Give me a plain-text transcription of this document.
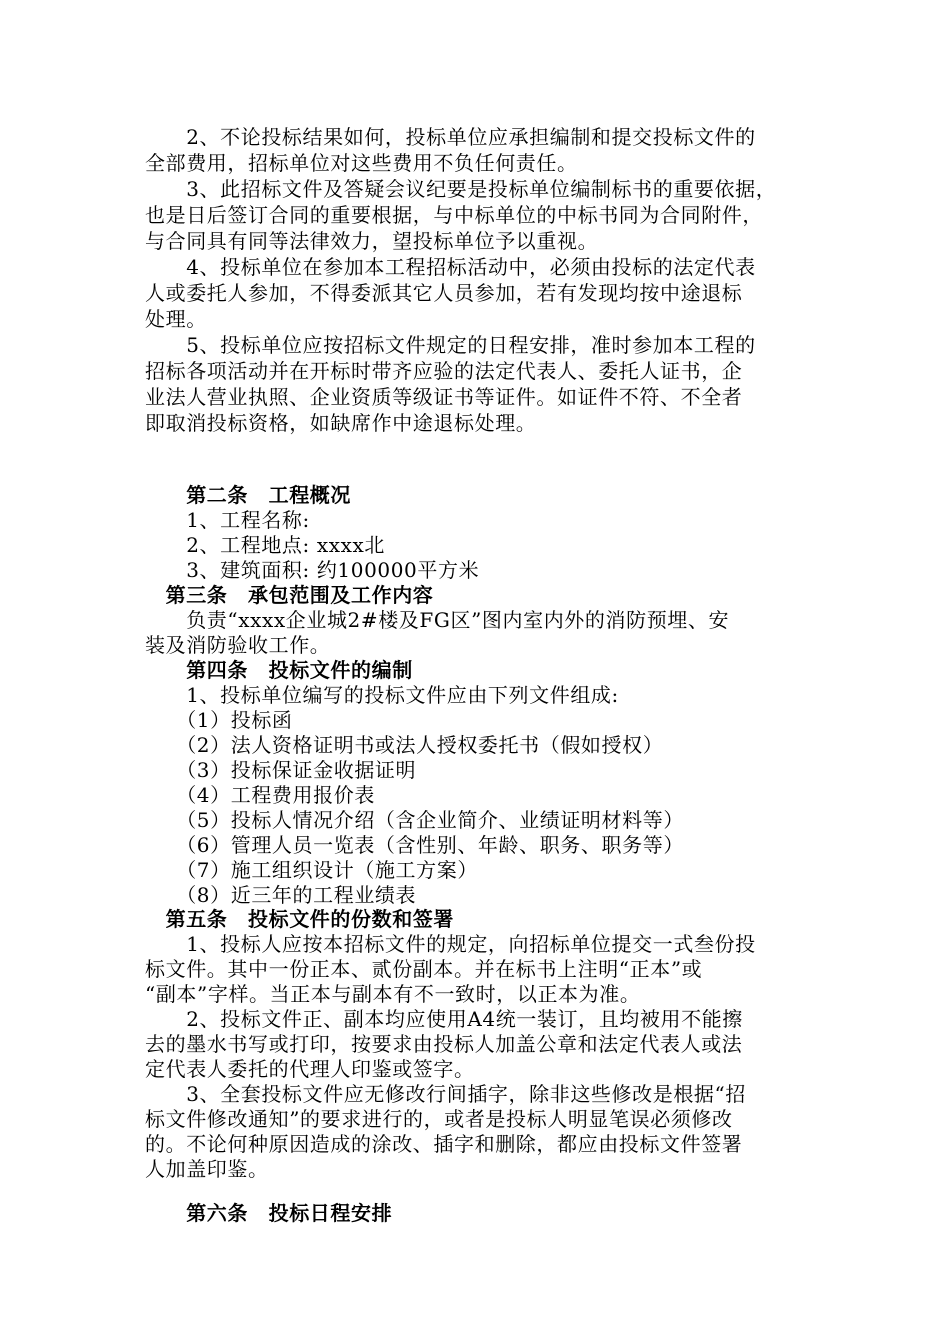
　　2、不论投标结果如何，投标单位应承担编制和提交投标文件的
全部费用，招标单位对这些费用不负任何责任。
　　3、此招标文件及答疑会议纪要是投标单位编制标书的重要依据，
也是日后签订合同的重要根据，与中标单位的中标书同为合同附件，
与合同具有同等法律效力，望投标单位予以重视。
　　4、投标单位在参加本工程招标活动中，必须由投标的法定代表
人或委托人参加，不得委派其它人员参加，若有发现均按中途退标
处理。
　　5、投标单位应按招标文件规定的日程安排，准时参加本工程的
招标各项活动并在开标时带齐应验的法定代表人、委托人证书，企
业法人营业执照、企业资质等级证书等证件。如证件不符、不全者
即取消投标资格，如缺席作中途退标处理。
　　第二条　工程概况
　　1、工程名称:
　　2、工程地点: xxxx北
　　3、建筑面积: 约100000平方米
　第三条　承包范围及工作内容
　　负责“xxxx企业城2#楼及FG区”图内室内外的消防预埋、安
装及消防验收工作。
　　第四条　投标文件的编制
　　1、投标单位编写的投标文件应由下列文件组成:
　　（1）投标函
　　（2）法人资格证明书或法人授权委托书（假如授权）
　　（3）投标保证金收据证明
　　（4）工程费用报价表
　　（5）投标人情况介绍（含企业简介、业绩证明材料等）
　　（6）管理人员一览表（含性别、年龄、职务、职务等）
　　（7）施工组织设计（施工方案）
　　（8）近三年的工程业绩表
　第五条　投标文件的份数和签署
　　1、投标人应按本招标文件的规定，向招标单位提交一式叁份投
标文件。其中一份正本、贰份副本。并在标书上注明“正本”或
“副本”字样。当正本与副本有不一致时，以正本为准。
　　2、投标文件正、副本均应使用A4统一装订，且均被用不能擦
去的墨水书写或打印，按要求由投标人加盖公章和法定代表人或法
定代表人委托的代理人印鉴或签字。
　　3、全套投标文件应无修改行间插字，除非这些修改是根据“招
标文件修改通知”的要求进行的，或者是投标人明显笔误必须修改
的。不论何种原因造成的涂改、插字和删除，都应由投标文件签署
人加盖印鉴。
　　第六条　投标日程安排
